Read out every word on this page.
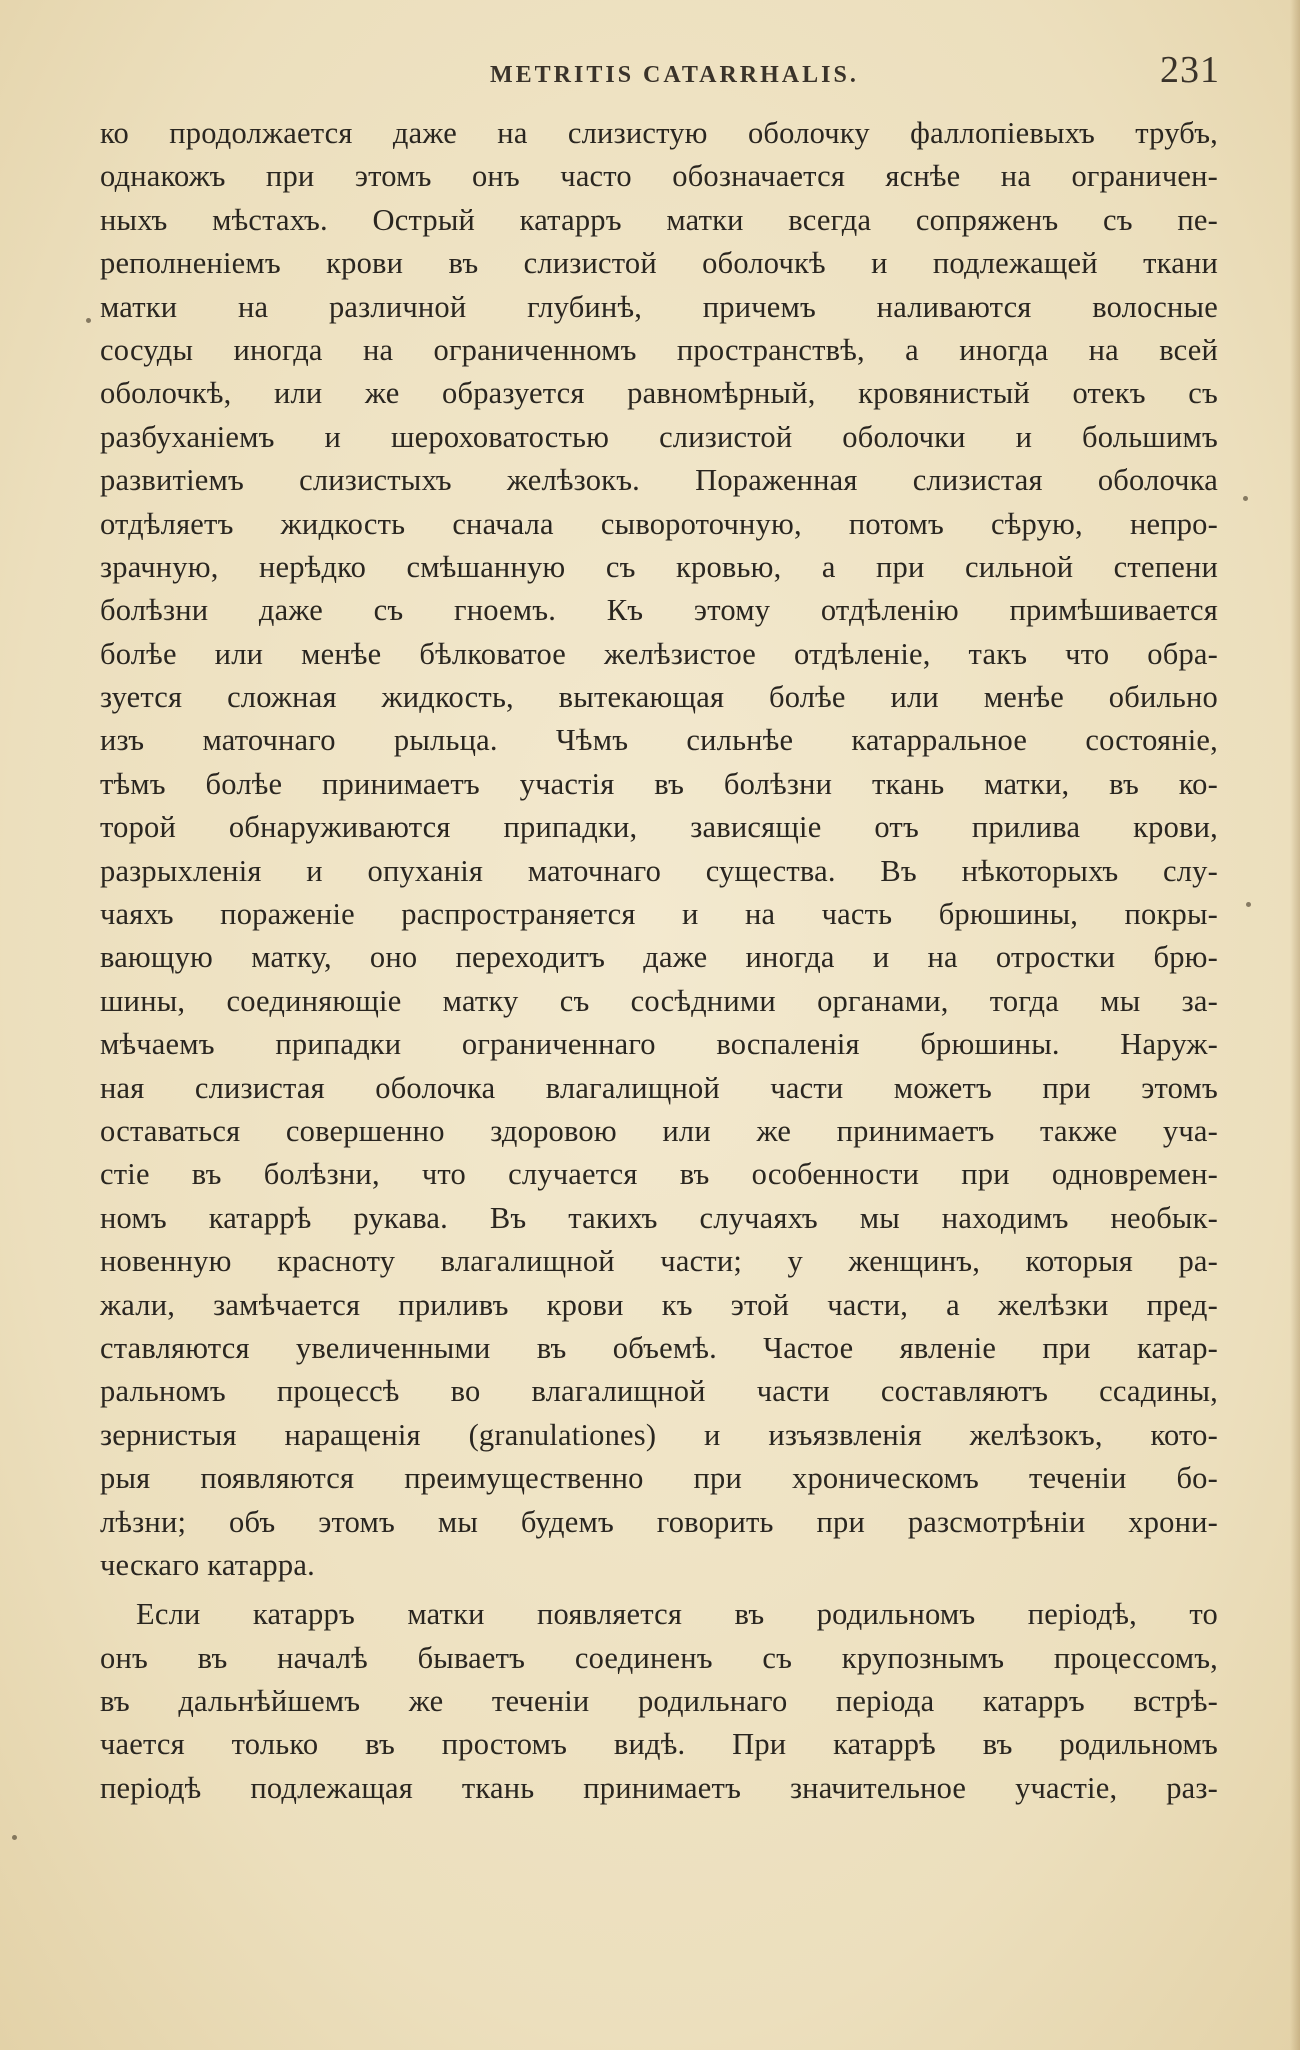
METRITIS CATARRHALIS.	231
ко продолжается даже на слизистую оболочку фаллопіевыхъ трубъ,
однакожъ при этомъ онъ часто обозначается яснѣе на ограничен-
ныхъ мѣстахъ. Острый катарръ матки всегда сопряженъ съ пе-
реполненіемъ крови въ слизистой оболочкѣ и подлежащей ткани
матки на различной глубинѣ, причемъ наливаются волосные
сосуды иногда на ограниченномъ пространствѣ, а иногда на всей
оболочкѣ, или же образуется равномѣрный, кровянистый отекъ съ
разбуханіемъ и шероховатостью слизистой оболочки и большимъ
развитіемъ слизистыхъ желѣзокъ. Пораженная слизистая оболочка
отдѣляетъ жидкость сначала сывороточную, потомъ сѣрую, непро-
зрачную, нерѣдко смѣшанную съ кровью, а при сильной степени
болѣзни даже съ гноемъ. Къ этому отдѣленію примѣшивается
болѣе или менѣе бѣлковатое желѣзистое отдѣленіе, такъ что обра-
зуется сложная жидкость, вытекающая болѣе или менѣе обильно
изъ маточнаго рыльца. Чѣмъ сильнѣе катарральное состояніе,
тѣмъ болѣе принимаетъ участія въ болѣзни ткань матки, въ ко-
торой обнаруживаются припадки, зависящіе отъ прилива крови,
разрыхленія и опуханія маточнаго существа. Въ нѣкоторыхъ слу-
чаяхъ пораженіе распространяется и на часть брюшины, покры-
вающую матку, оно переходитъ даже иногда и на отростки брю-
шины, соединяющіе матку съ сосѣдними органами, тогда мы за-
мѣчаемъ припадки ограниченнаго воспаленія брюшины. Наруж-
ная слизистая оболочка влагалищной части можетъ при этомъ
оставаться совершенно здоровою или же принимаетъ также уча-
стіе въ болѣзни, что случается въ особенности при одновремен-
номъ катаррѣ рукава. Въ такихъ случаяхъ мы находимъ необык-
новенную красноту влагалищной части; у женщинъ, которыя ра-
жали, замѣчается приливъ крови къ этой части, а желѣзки пред-
ставляются увеличенными въ объемѣ. Частое явленіе при катар-
ральномъ процессѣ во влагалищной части составляютъ ссадины,
зернистыя наращенія (granulationes) и изъязвленія желѣзокъ, кото-
рыя появляются преимущественно при хроническомъ теченіи бо-
лѣзни; объ этомъ мы будемъ говорить при разсмотрѣніи хрони-
ческаго катарра.
Если катарръ матки появляется въ родильномъ періодѣ, то
онъ въ началѣ бываетъ соединенъ съ крупознымъ процессомъ,
въ дальнѣйшемъ же теченіи родильнаго періода катарръ встрѣ-
чается только въ простомъ видѣ. При катаррѣ въ родильномъ
періодѣ подлежащая ткань принимаетъ значительное участіе, раз-
